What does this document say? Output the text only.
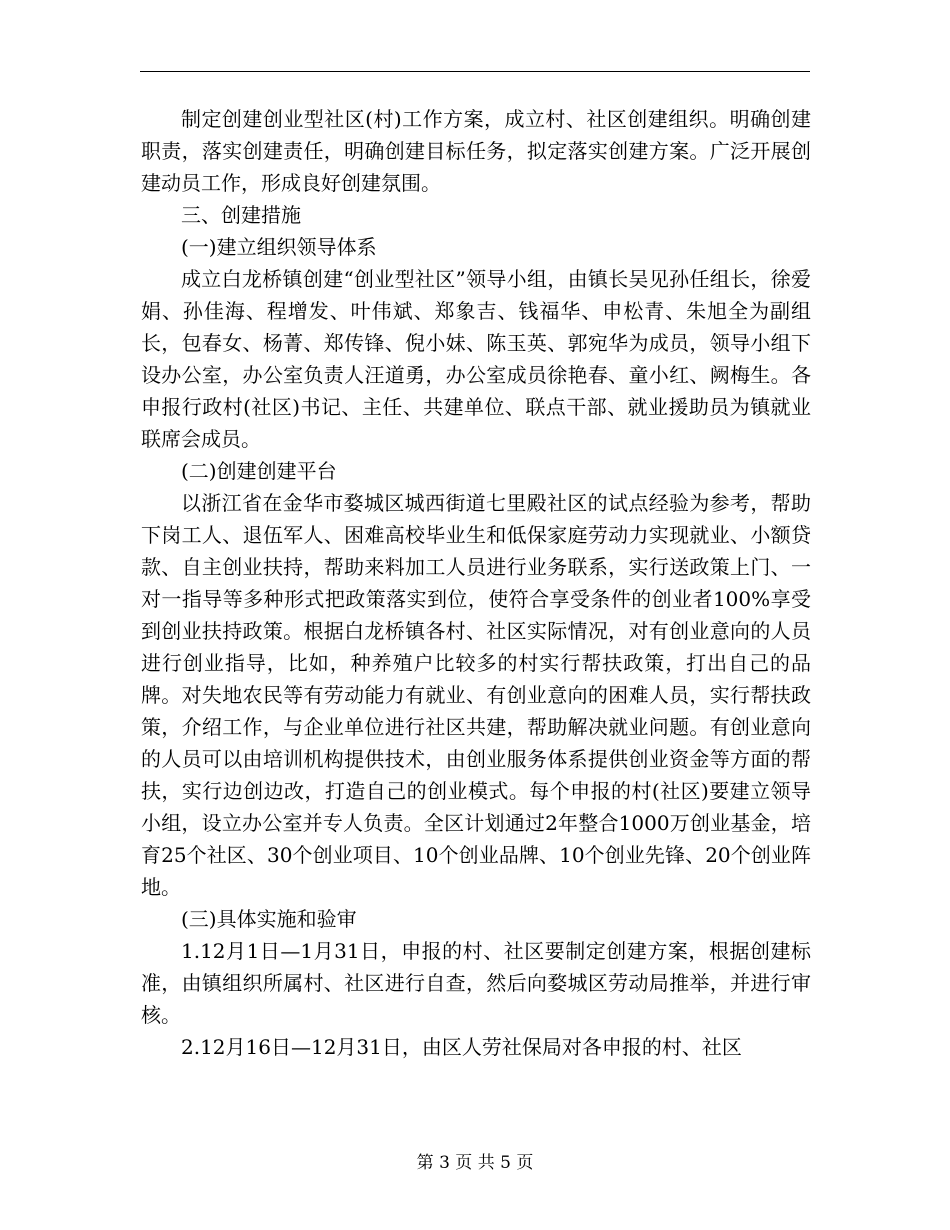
制定创建创业型社区(村)工作方案，成立村、社区创建组织。明确创建职责，落实创建责任，明确创建目标任务，拟定落实创建方案。广泛开展创建动员工作，形成良好创建氛围。

三、创建措施

(一)建立组织领导体系

成立白龙桥镇创建“创业型社区”领导小组，由镇长吴见孙任组长，徐爱娟、孙佳海、程增发、叶伟斌、郑象吉、钱福华、申松青、朱旭全为副组长，包春女、杨菁、郑传锋、倪小妹、陈玉英、郭宛华为成员，领导小组下设办公室，办公室负责人汪道勇，办公室成员徐艳春、童小红、阙梅生。各申报行政村(社区)书记、主任、共建单位、联点干部、就业援助员为镇就业联席会成员。

(二)创建创建平台

以浙江省在金华市婺城区城西街道七里殿社区的试点经验为参考，帮助下岗工人、退伍军人、困难高校毕业生和低保家庭劳动力实现就业、小额贷款、自主创业扶持，帮助来料加工人员进行业务联系，实行送政策上门、一对一指导等多种形式把政策落实到位，使符合享受条件的创业者100%享受到创业扶持政策。根据白龙桥镇各村、社区实际情况，对有创业意向的人员进行创业指导，比如，种养殖户比较多的村实行帮扶政策，打出自己的品牌。对失地农民等有劳动能力有就业、有创业意向的困难人员，实行帮扶政策，介绍工作，与企业单位进行社区共建，帮助解决就业问题。有创业意向的人员可以由培训机构提供技术，由创业服务体系提供创业资金等方面的帮扶，实行边创边改，打造自己的创业模式。每个申报的村(社区)要建立领导小组，设立办公室并专人负责。全区计划通过2年整合1000万创业基金，培育25个社区、30个创业项目、10个创业品牌、10个创业先锋、20个创业阵地。

(三)具体实施和验审

1.12月1日—1月31日，申报的村、社区要制定创建方案，根据创建标准，由镇组织所属村、社区进行自查，然后向婺城区劳动局推举，并进行审核。

2.12月16日—12月31日，由区人劳社保局对各申报的村、社区

第 3 页 共 5 页
